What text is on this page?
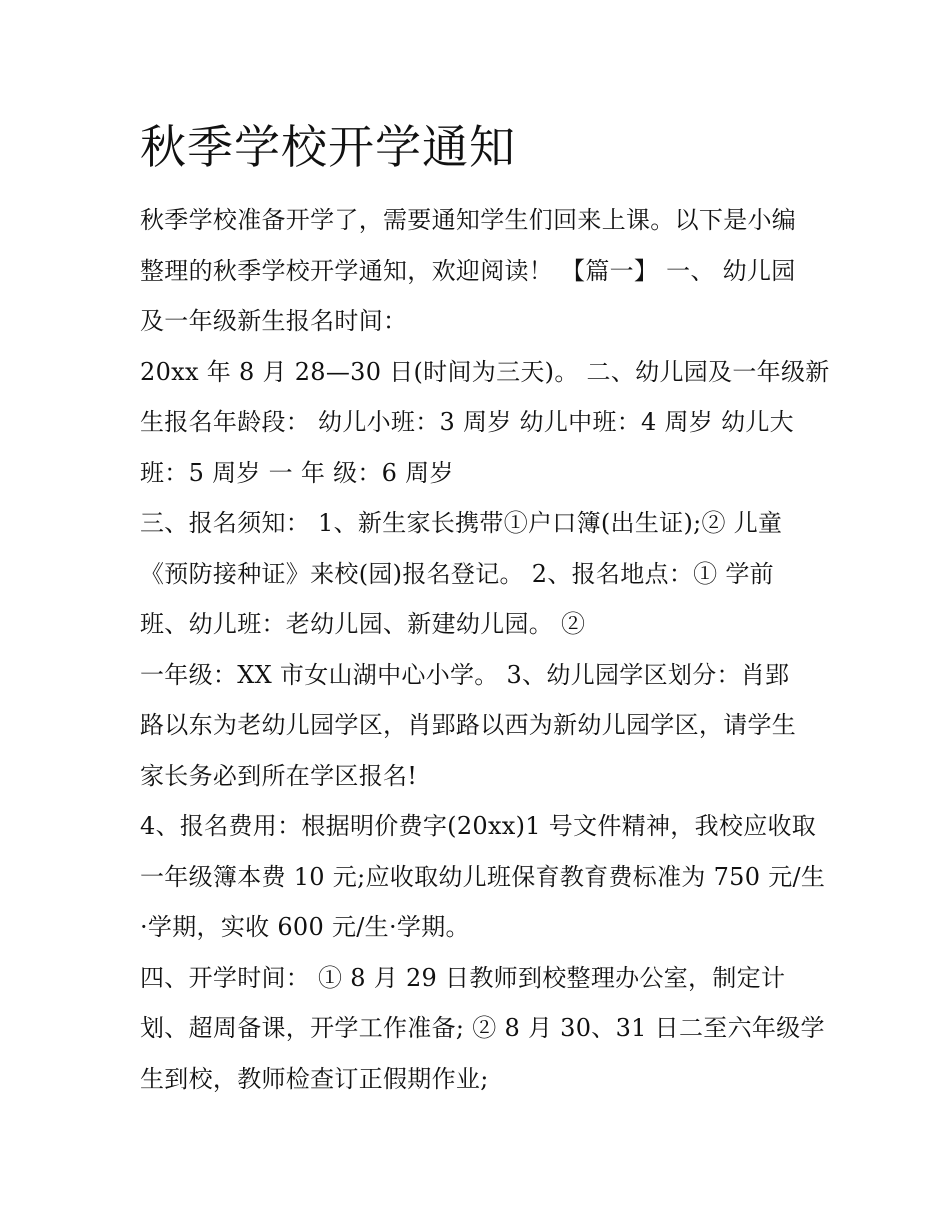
秋季学校开学通知
秋季学校准备开学了，需要通知学生们回来上课。以下是小编
整理的秋季学校开学通知，欢迎阅读！ 【篇一】 一、 幼儿园
及一年级新生报名时间：
20xx 年 8 月 28—30 日(时间为三天)。 二、幼儿园及一年级新
生报名年龄段： 幼儿小班：3 周岁 幼儿中班：4 周岁 幼儿大
班：5 周岁 一 年 级：6 周岁
三、报名须知： 1、新生家长携带①户口簿(出生证);② 儿童
《预防接种证》来校(园)报名登记。 2、报名地点：① 学前
班、幼儿班：老幼儿园、新建幼儿园。 ②
一年级：XX 市女山湖中心小学。 3、幼儿园学区划分：肖郢
路以东为老幼儿园学区，肖郢路以西为新幼儿园学区，请学生
家长务必到所在学区报名!
4、报名费用：根据明价费字(20xx)1 号文件精神，我校应收取
一年级簿本费 10 元;应收取幼儿班保育教育费标准为 750 元/生
·学期，实收 600 元/生·学期。
四、开学时间： ① 8 月 29 日教师到校整理办公室，制定计
划、超周备课，开学工作准备; ② 8 月 30、31 日二至六年级学
生到校，教师检查订正假期作业;
